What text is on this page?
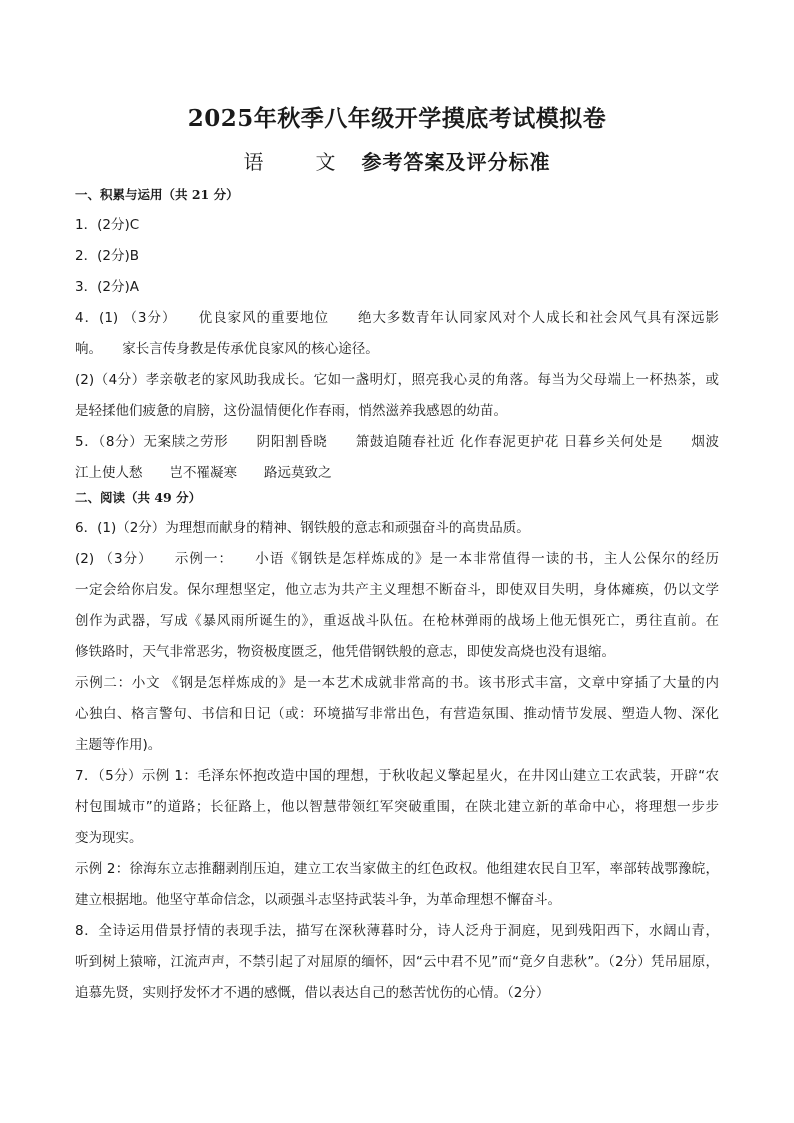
2025年秋季八年级开学摸底考试模拟卷
语　文 参考答案及评分标准
一、积累与运用（共 21 分）
1．(2分)C
2．(2分)B
3．(2分)A
4．(1) （3分）　　优良家风的重要地位　　绝大多数青年认同家风对个人成长和社会风气具有深远影
响。　　家长言传身教是传承优良家风的核心途径。
(2)（4分）孝亲敬老的家风助我成长。它如一盏明灯，照亮我心灵的角落。每当为父母端上一杯热茶，或
是轻揉他们疲惫的肩膀，这份温情便化作春雨，悄然滋养我感恩的幼苗。
5．（8分）无案牍之劳形　　阴阳割昏晓　　箫鼓追随春社近 化作春泥更护花 日暮乡关何处是　　烟波
江上使人愁　　岂不罹凝寒　　路远莫致之
二、阅读（共 49 分）
6．(1)（2分）为理想而献身的精神、钢铁般的意志和顽强奋斗的高贵品质。
(2) （3分）　　示例一：　　小语《钢铁是怎样炼成的》是一本非常值得一读的书，主人公保尔的经历
一定会给你启发。保尔理想坚定，他立志为共产主义理想不断奋斗，即使双目失明，身体瘫痪，仍以文学
创作为武器，写成《暴风雨所诞生的》，重返战斗队伍。在枪林弹雨的战场上他无惧死亡，勇往直前。在
修铁路时，天气非常恶劣，物资极度匮乏，他凭借钢铁般的意志，即使发高烧也没有退缩。
示例二：小文 《钢是怎样炼成的》是一本艺术成就非常高的书。该书形式丰富，文章中穿插了大量的内
心独白、格言警句、书信和日记（或：环境描写非常出色，有营造氛围、推动情节发展、塑造人物、深化
主题等作用)。
7．（5分）示例 1：毛泽东怀抱改造中国的理想，于秋收起义擎起星火，在井冈山建立工农武装，开辟“农
村包围城市”的道路；长征路上，他以智慧带领红军突破重围，在陕北建立新的革命中心，将理想一步步
变为现实。
示例 2：徐海东立志推翻剥削压迫，建立工农当家做主的红色政权。他组建农民自卫军，率部转战鄂豫皖，
建立根据地。他坚守革命信念，以顽强斗志坚持武装斗争，为革命理想不懈奋斗。
8．全诗运用借景抒情的表现手法，描写在深秋薄暮时分，诗人泛舟于洞庭，见到残阳西下，水阔山青，
听到树上猿啼，江流声声，不禁引起了对屈原的缅怀，因“云中君不见”而“竟夕自悲秋”。（2分）凭吊屈原，
追慕先贤，实则抒发怀才不遇的感慨，借以表达自己的愁苦忧伤的心情。（2分）
